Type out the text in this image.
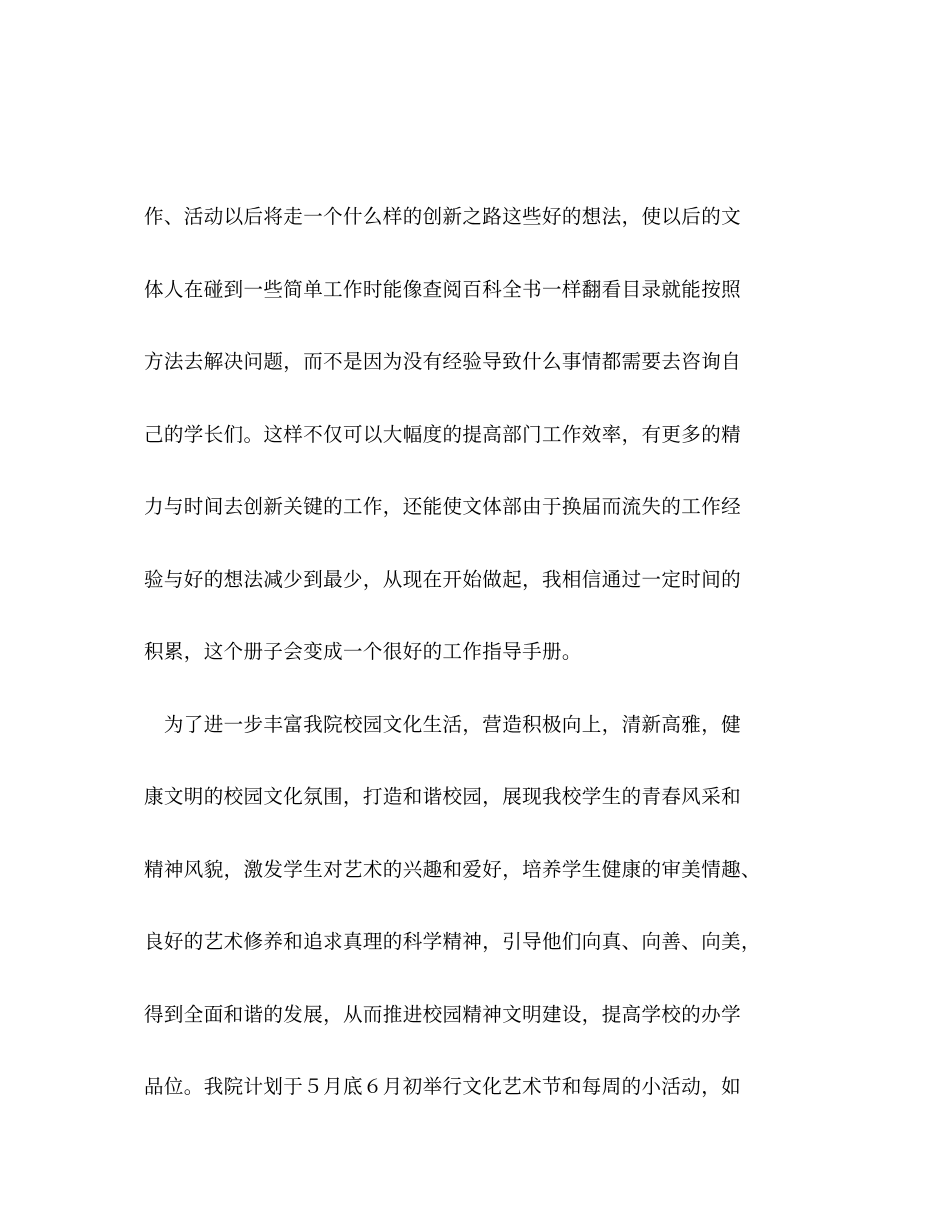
作、活动以后将走一个什么样的创新之路这些好的想法，使以后的文
体人在碰到一些简单工作时能像查阅百科全书一样翻看目录就能按照
方法去解决问题，而不是因为没有经验导致什么事情都需要去咨询自
己的学长们。这样不仅可以大幅度的提高部门工作效率，有更多的精
力与时间去创新关键的工作，还能使文体部由于换届而流失的工作经
验与好的想法减少到最少，从现在开始做起，我相信通过一定时间的
积累，这个册子会变成一个很好的工作指导手册。
　为了进一步丰富我院校园文化生活，营造积极向上，清新高雅，健
康文明的校园文化氛围，打造和谐校园，展现我校学生的青春风采和
精神风貌，激发学生对艺术的兴趣和爱好，培养学生健康的审美情趣、
良好的艺术修养和追求真理的科学精神，引导他们向真、向善、向美，
得到全面和谐的发展，从而推进校园精神文明建设，提高学校的办学
品位。我院计划于５月底６月初举行文化艺术节和每周的小活动，如
